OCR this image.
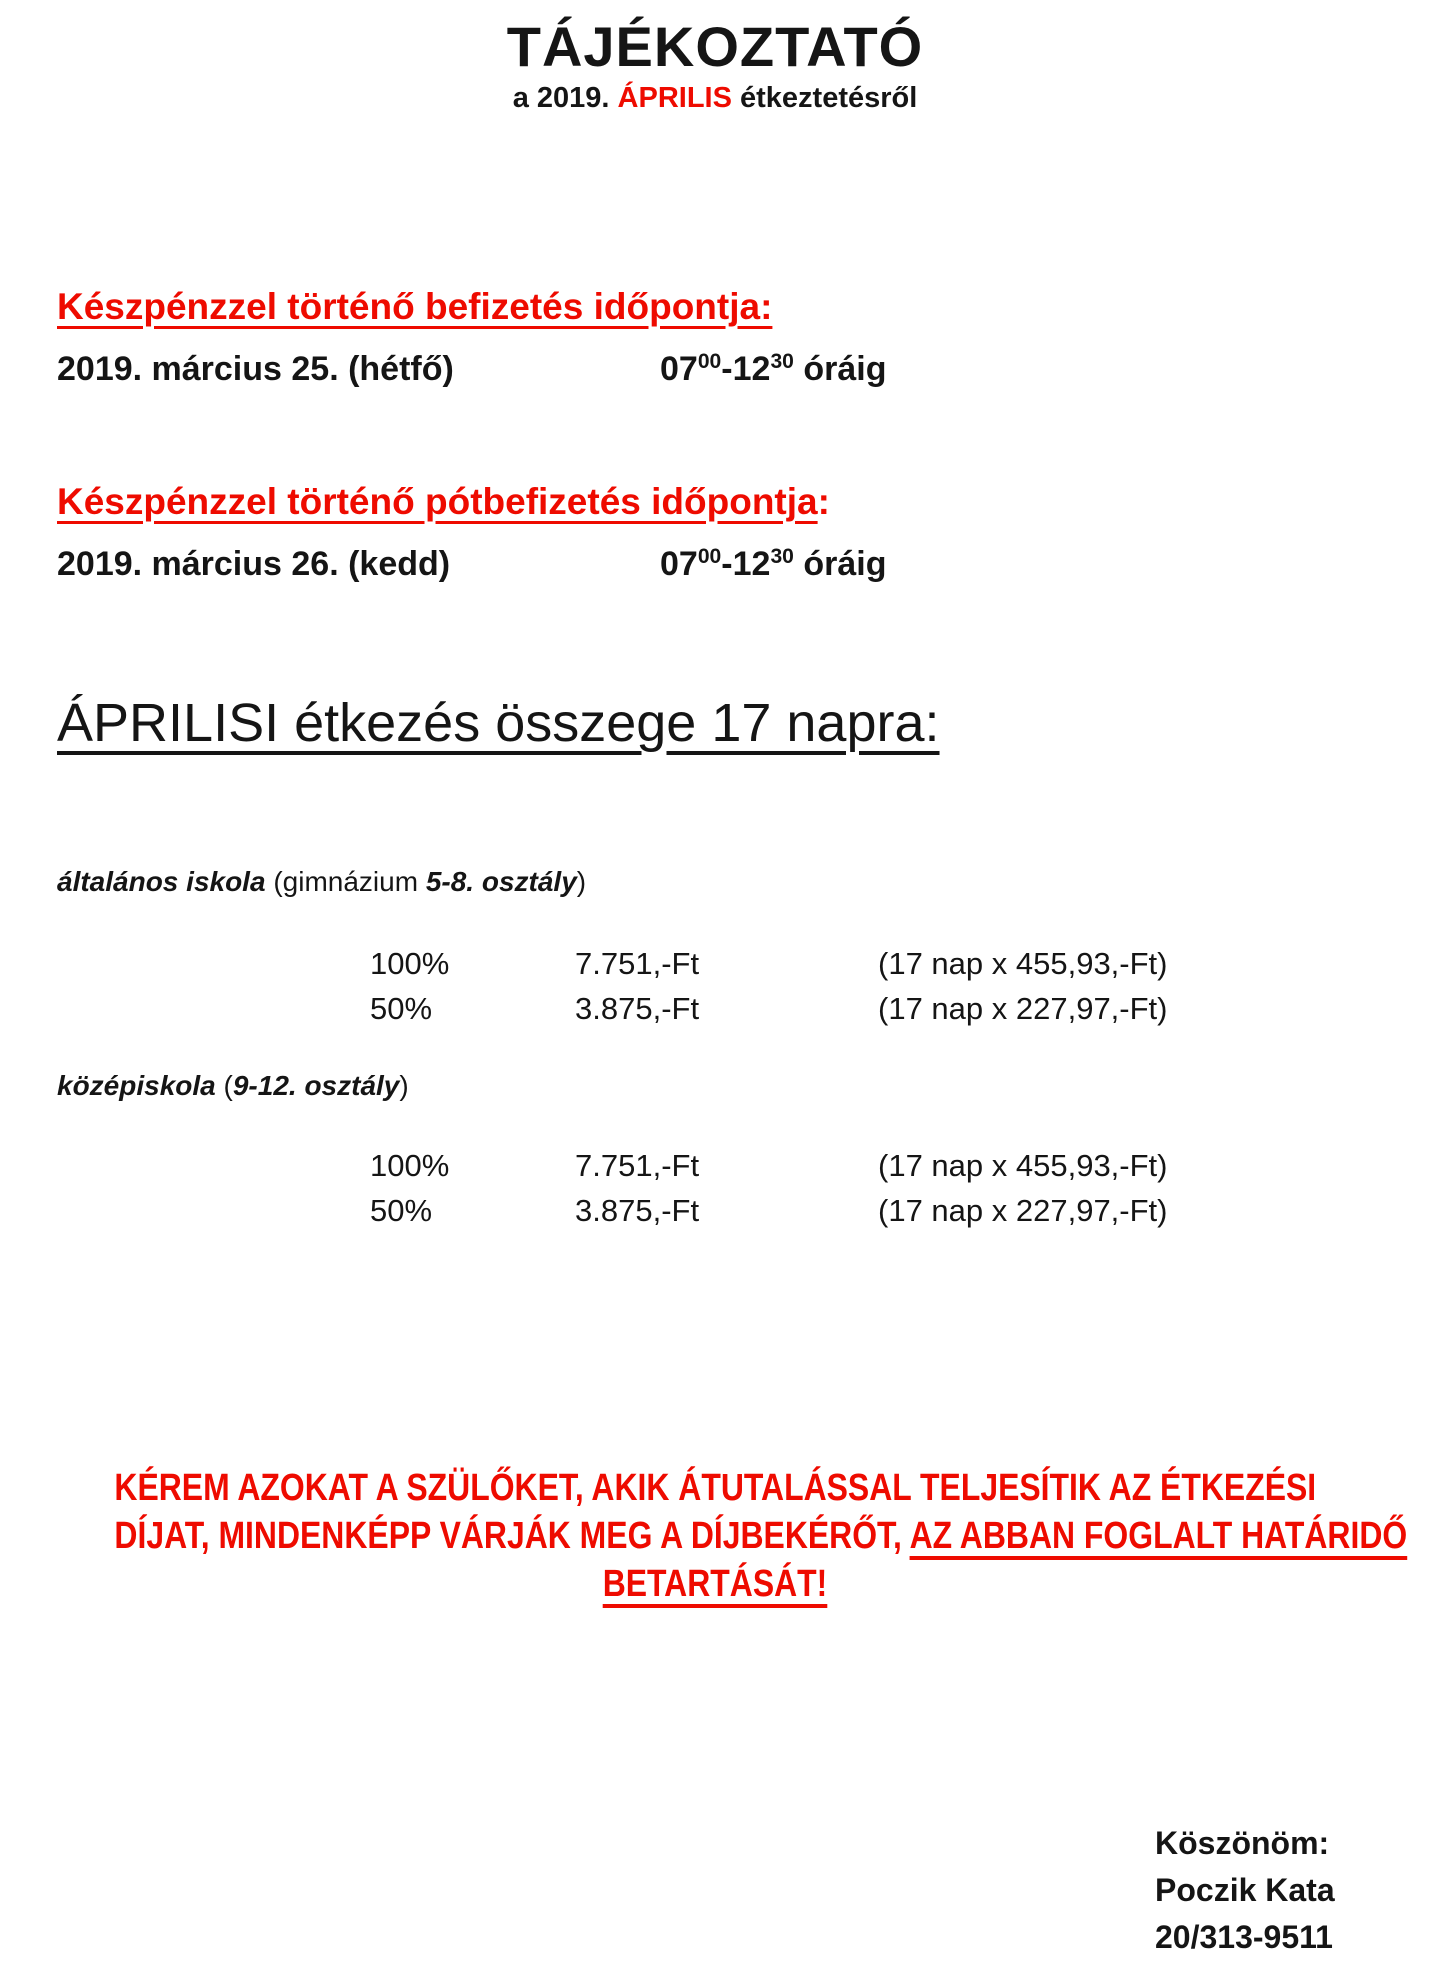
TÁJÉKOZTATÓ
a 2019. ÁPRILIS étkeztetésről
Készpénzzel történő befizetés időpontja:
2019. március 25. (hétfő)	$07^{00}-12^{30}$ óráig
Készpénzzel történő pótbefizetés időpontja:
2019. március 26. (kedd)	$07^{00}-12^{30}$ óráig
ÁPRILISI étkezés összege 17 napra:
általános iskola (gimnázium 5-8. osztály)
100%	7.751,-Ft	(17 nap x 455,93,-Ft)
50%	3.875,-Ft	(17 nap x 227,97,-Ft)
középiskola (9-12. osztály)
100%	7.751,-Ft	(17 nap x 455,93,-Ft)
50%	3.875,-Ft	(17 nap x 227,97,-Ft)
KÉREM AZOKAT A SZÜLŐKET, AKIK ÁTUTALÁSSAL TELJESÍTIK AZ ÉTKEZÉSI
DÍJAT, MINDENKÉPP VÁRJÁK MEG A DÍJBEKÉRŐT, AZ ABBAN FOGLALT HATÁRIDŐ
BETARTÁSÁT!
Köszönöm:
Poczik Kata
20/313-9511
